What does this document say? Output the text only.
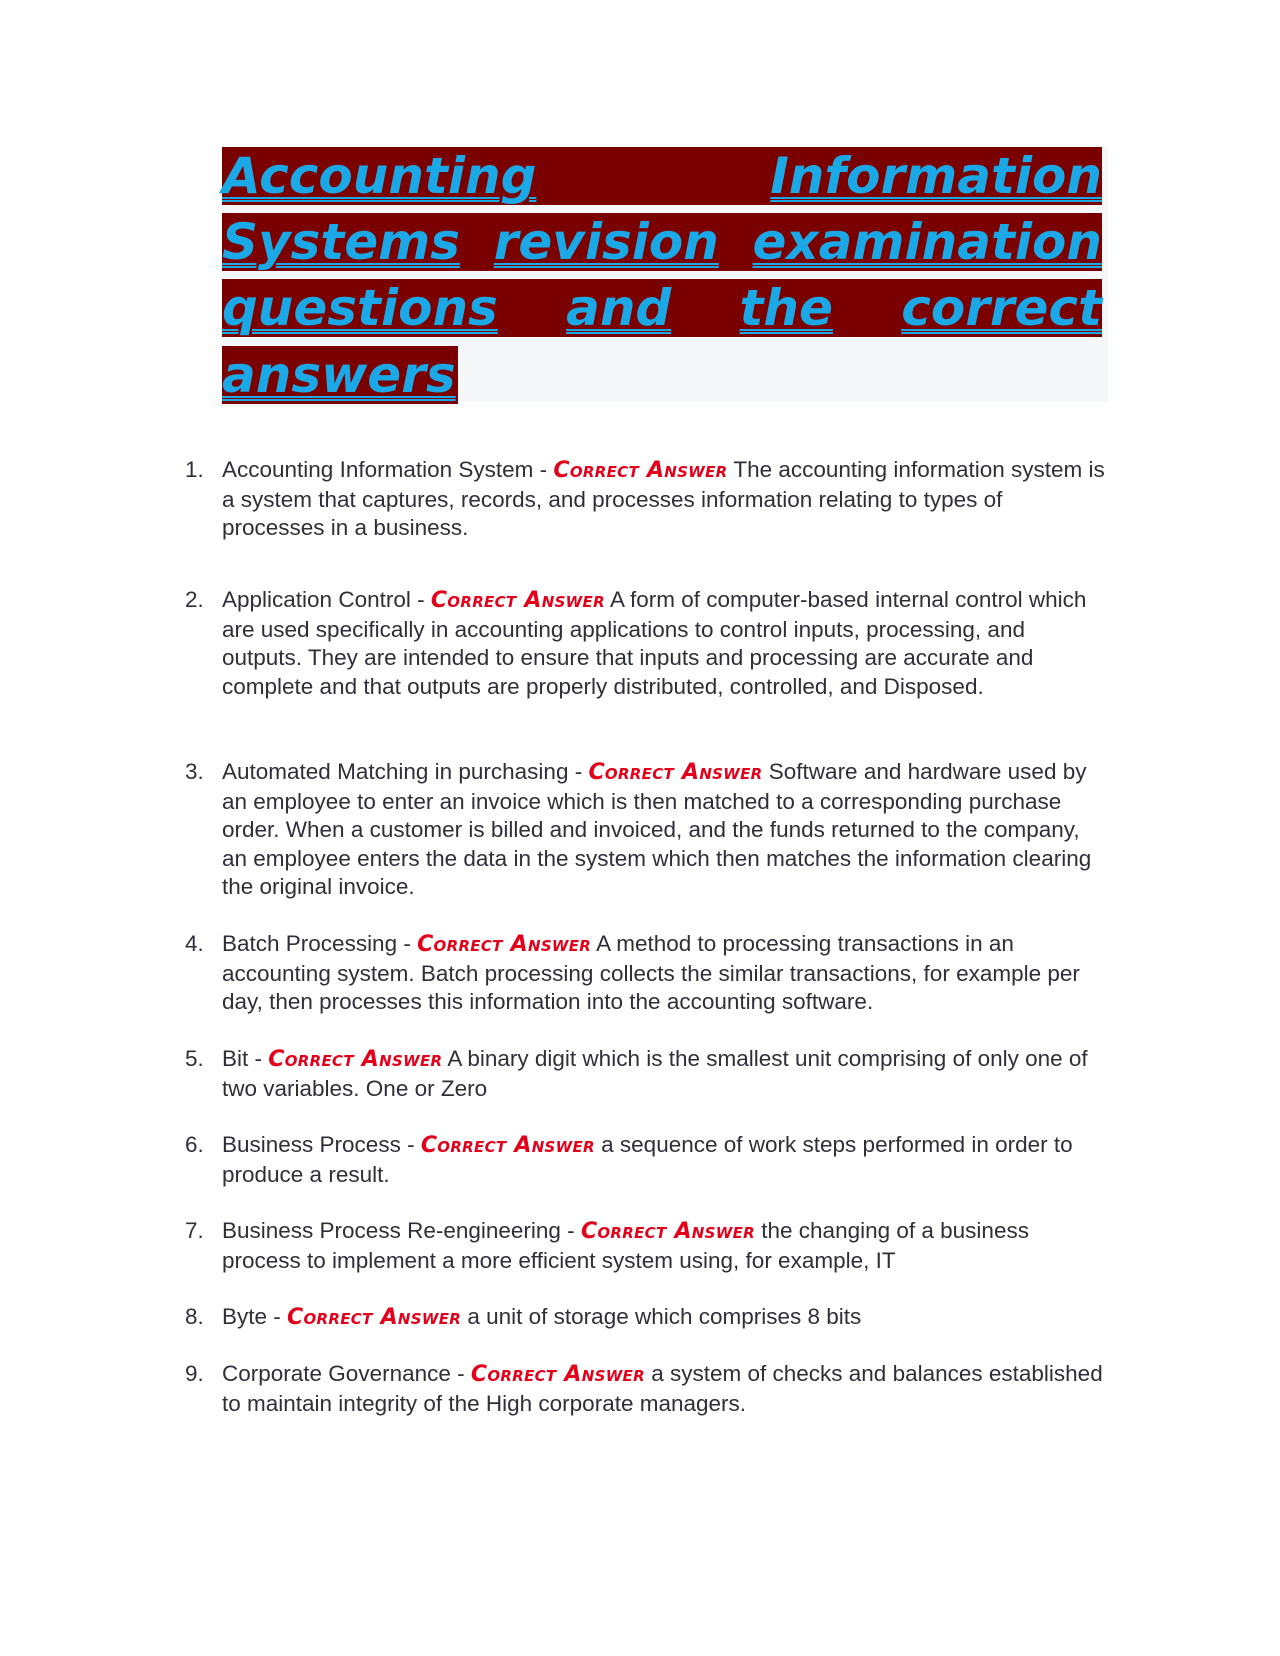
Accounting	Information
Systems revision examination
questions and the correct
answers
1. Accounting Information System - Correct Answer The accounting information system is a system that captures, records, and processes information relating to types of processes in a business.
2. Application Control - Correct Answer A form of computer-based internal control which are used specifically in accounting applications to control inputs, processing, and outputs. They are intended to ensure that inputs and processing are accurate and complete and that outputs are properly distributed, controlled, and Disposed.
3. Automated Matching in purchasing - Correct Answer Software and hardware used by an employee to enter an invoice which is then matched to a corresponding purchase order. When a customer is billed and invoiced, and the funds returned to the company, an employee enters the data in the system which then matches the information clearing the original invoice.
4. Batch Processing - Correct Answer A method to processing transactions in an accounting system. Batch processing collects the similar transactions, for example per day, then processes this information into the accounting software.
5. Bit - Correct Answer A binary digit which is the smallest unit comprising of only one of two variables. One or Zero
6. Business Process - Correct Answer a sequence of work steps performed in order to produce a result.
7. Business Process Re-engineering - Correct Answer the changing of a business process to implement a more efficient system using, for example, IT
8. Byte - Correct Answer a unit of storage which comprises 8 bits
9. Corporate Governance - Correct Answer a system of checks and balances established to maintain integrity of the High corporate managers.
